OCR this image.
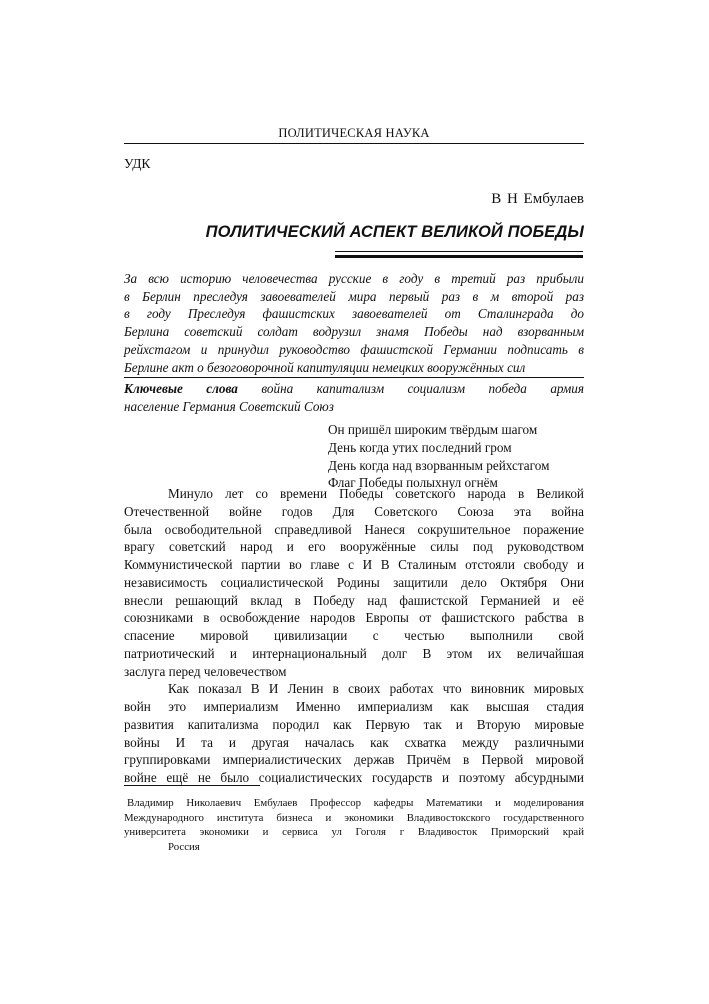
ПОЛИТИЧЕСКАЯ НАУКА
УДК
В Н Ембулаев
ПОЛИТИЧЕСКИЙ АСПЕКТ ВЕЛИКОЙ ПОБЕДЫ
За всю историю человечества русские в году в третий раз прибыли
в Берлин преследуя завоевателей мира первый раз в м второй раз
в году Преследуя фашистских завоевателей от Сталинграда до
Берлина советский солдат водрузил знамя Победы над взорванным
рейхстагом и принудил руководство фашистской Германии подписать в
Берлине акт о безоговорочной капитуляции немецких вооружённых сил
Ключевые слова война капитализм социализм победа армия
население Германия Советский Союз
Он пришёл широким твёрдым шагом
День когда утих последний гром
День когда над взорванным рейхстагом
Флаг Победы полыхнул огнём
Минуло лет со времени Победы советского народа в Великой
Отечественной войне годов Для Советского Союза эта война
была освободительной справедливой Нанеся сокрушительное поражение
врагу советский народ и его вооружённые силы под руководством
Коммунистической партии во главе с И В Сталиным отстояли свободу и
независимость социалистической Родины защитили дело Октября Они
внесли решающий вклад в Победу над фашистской Германией и её
союзниками в освобождение народов Европы от фашистского рабства в
спасение мировой цивилизации с честью выполнили свой
патриотический и интернациональный долг В этом их величайшая
заслуга перед человечеством
Как показал В И Ленин в своих работах что виновник мировых
войн это империализм Именно империализм как высшая стадия
развития капитализма породил как Первую так и Вторую мировые
войны И та и другая началась как схватка между различными
группировками империалистических держав Причём в Первой мировой
войне ещё не было социалистических государств и поэтому абсурдными
Владимир Николаевич Ембулаев Профессор кафедры Математики и моделирования
Международного института бизнеса и экономики Владивостокского государственного
университета экономики и сервиса ул Гоголя г Владивосток Приморский край
Россия
